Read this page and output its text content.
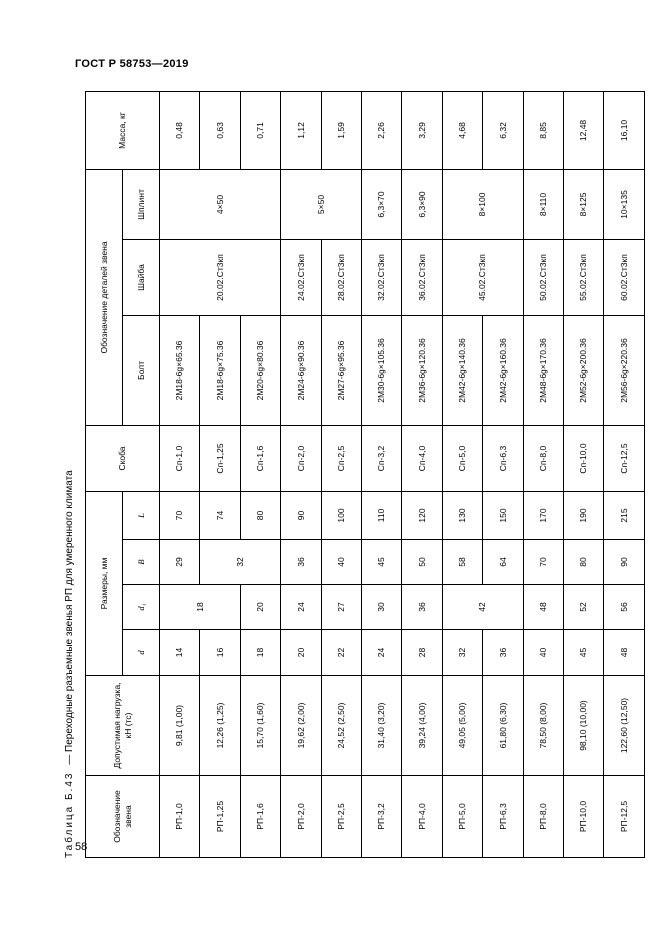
ГОСТ Р 58753—2019
Таблица Б.43 — Переходные разъемные звенья РП для умеренного климата
Обозначение звена	Допустимая нагрузка, кН (тс)	Размеры, мм				Скоба	Обозначение деталей звена			Масса, кг
		d	d₁	B	L		Болт	Шайба	Шплинт	
РП-1,0	9,81 (1,00)	14	18	29	70	Сп-1,0	2М18-6g×65.36	20.02.Ст3кп	4×50	0,48
РП-1,25	12,26 (1,25)	16		32	74	Сп-1,25	2М18-6g×75.36			0,63
РП-1,6	15,70 (1,60)	18	20		80	Сп-1,6	2М20-6g×80.36			0,71
РП-2,0	19,62 (2,00)	20	24	36	90	Сп-2,0	2М24-6g×90.36	24.02.Ст3кп	5×50	1,12
РП-2,5	24,52 (2,50)	22	27	40	100	Сп-2,5	2М27-6g×95.36	28.02.Ст3кп		1,59
РП-3,2	31,40 (3,20)	24	30	45	110	Сп-3,2	2М30-6g×105.36	32.02.Ст3кп	6,3×70	2,26
РП-4,0	39,24 (4,00)	28	36	50	120	Сп-4,0	2М36-6g×120.36	36.02.Ст3кп	6,3×90	3,29
РП-5,0	49,05 (5,00)	32	42	58	130	Сп-5,0	2М42-6g×140.36	45.02.Ст3кп	8×100	4,68
РП-6,3	61,80 (6,30)	36		64	150	Сп-6,3	2М42-6g×160.36			6,32
РП-8,0	78,50 (8,00)	40	48	70	170	Сп-8,0	2М48-6g×170.36	50.02.Ст3кп	8×110	8,85
РП-10,0	98,10 (10,00)	45	52	80	190	Сп-10,0	2М52-6g×200.36	55.02.Ст3кп	8×125	12,48
РП-12,5	122,60 (12,50)	48	56	90	215	Сп-12,5	2М56-6g×220.36	60.02.Ст3кп	10×135	16,10
58
